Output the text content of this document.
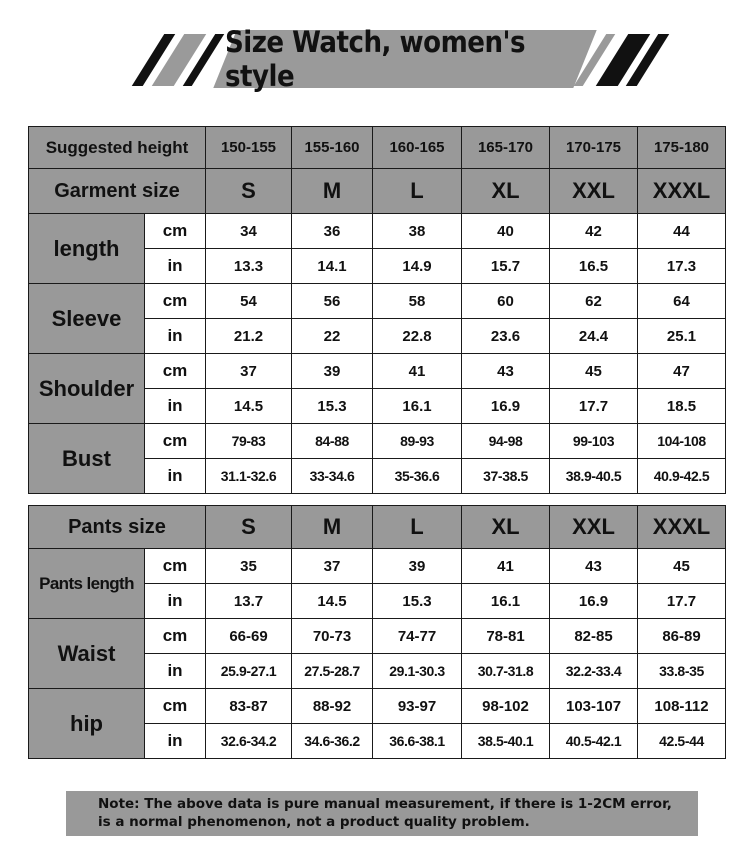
Size Watch, women's style
Suggested height		150-155	155-160	160-165	165-170	170-175	175-180
Garment size		S	M	L	XL	XXL	XXXL
length	cm	34	36	38	40	42	44
	in	13.3	14.1	14.9	15.7	16.5	17.3
Sleeve	cm	54	56	58	60	62	64
	in	21.2	22	22.8	23.6	24.4	25.1
Shoulder	cm	37	39	41	43	45	47
	in	14.5	15.3	16.1	16.9	17.7	18.5
Bust	cm	79-83	84-88	89-93	94-98	99-103	104-108
	in	31.1-32.6	33-34.6	35-36.6	37-38.5	38.9-40.5	40.9-42.5
Pants size		S	M	L	XL	XXL	XXXL
Pants length	cm	35	37	39	41	43	45
	in	13.7	14.5	15.3	16.1	16.9	17.7
Waist	cm	66-69	70-73	74-77	78-81	82-85	86-89
	in	25.9-27.1	27.5-28.7	29.1-30.3	30.7-31.8	32.2-33.4	33.8-35
hip	cm	83-87	88-92	93-97	98-102	103-107	108-112
	in	32.6-34.2	34.6-36.2	36.6-38.1	38.5-40.1	40.5-42.1	42.5-44
Note: The above data is pure manual measurement, if there is 1-2CM error,
is a normal phenomenon, not a product quality problem.
